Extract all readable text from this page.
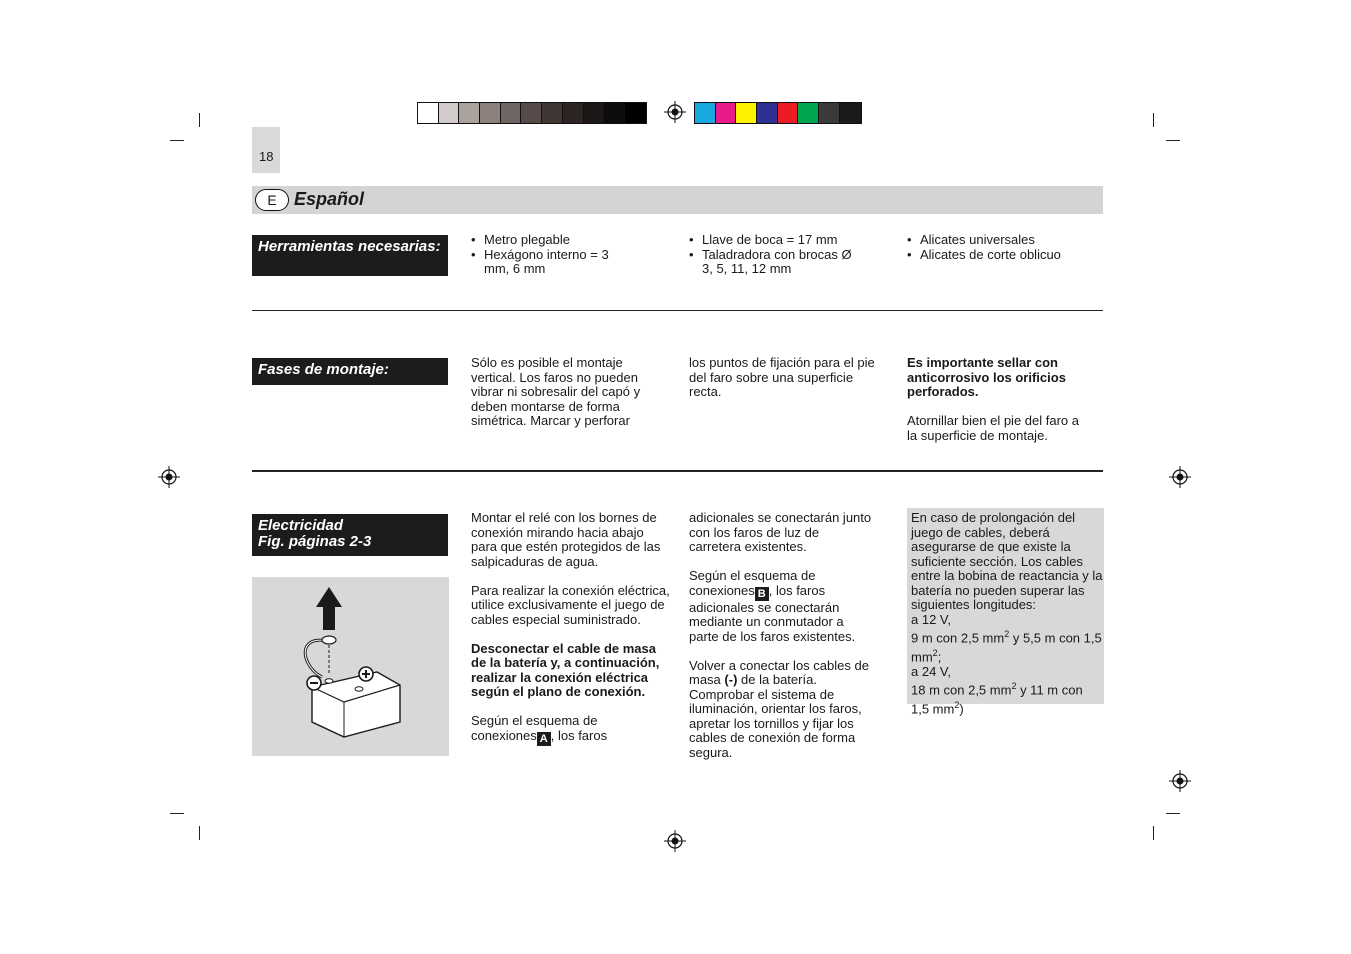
18
E Español
Herramientas necesarias:
•	Metro plegable
• Hexágono interno = 3 mm, 6 mm
• Llave de boca = 17 mm
• Taladradora con brocas Ø 3, 5, 11, 12 mm
• Alicates universales
• Alicates de corte oblicuo
Fases de montaje:	Sólo es posible el montaje vertical. Los faros no pueden vibrar ni sobresalir del capó y deben montarse de forma simétrica. Marcar y perforar

los puntos de fijación para el pie del faro sobre una superficie recta.

Es importante sellar con anticorrosivo los orificios perforados.

Atornillar bien el pie del faro a la superficie de montaje.

Electricidad
Fig. páginas 2-3

Montar el relé con los bornes de conexión mirando hacia abajo para que estén protegidos de las salpicaduras de agua.

Para realizar la conexión eléctrica, utilice exclusivamente el juego de cables especial suministrado.

Desconectar el cable de masa de la batería y, a continuación, realizar la conexión eléctrica según el plano de conexión.

Según el esquema de conexiones A , los faros

adicionales se conectarán junto con los faros de luz de carretera existentes.

Según el esquema de conexiones B , los faros adicionales se conectarán mediante un conmutador a parte de los faros existentes.

Volver a conectar los cables de masa (-) de la batería. Comprobar el sistema de iluminación, orientar los faros, apretar los tornillos y fijar los cables de conexión de forma segura.

En caso de prolongación del juego de cables, deberá asegurarse de que existe la suficiente sección. Los cables entre la bobina de reactancia y la batería no pueden superar las siguientes longitudes:
a 12 V,
9 m con 2,5 $mm^2$ y 5,5 m con 1,5 $mm^2$;
a 24 V,
18 m con 2,5 $mm^2$ y 11 m con 1,5 $mm^2$)
